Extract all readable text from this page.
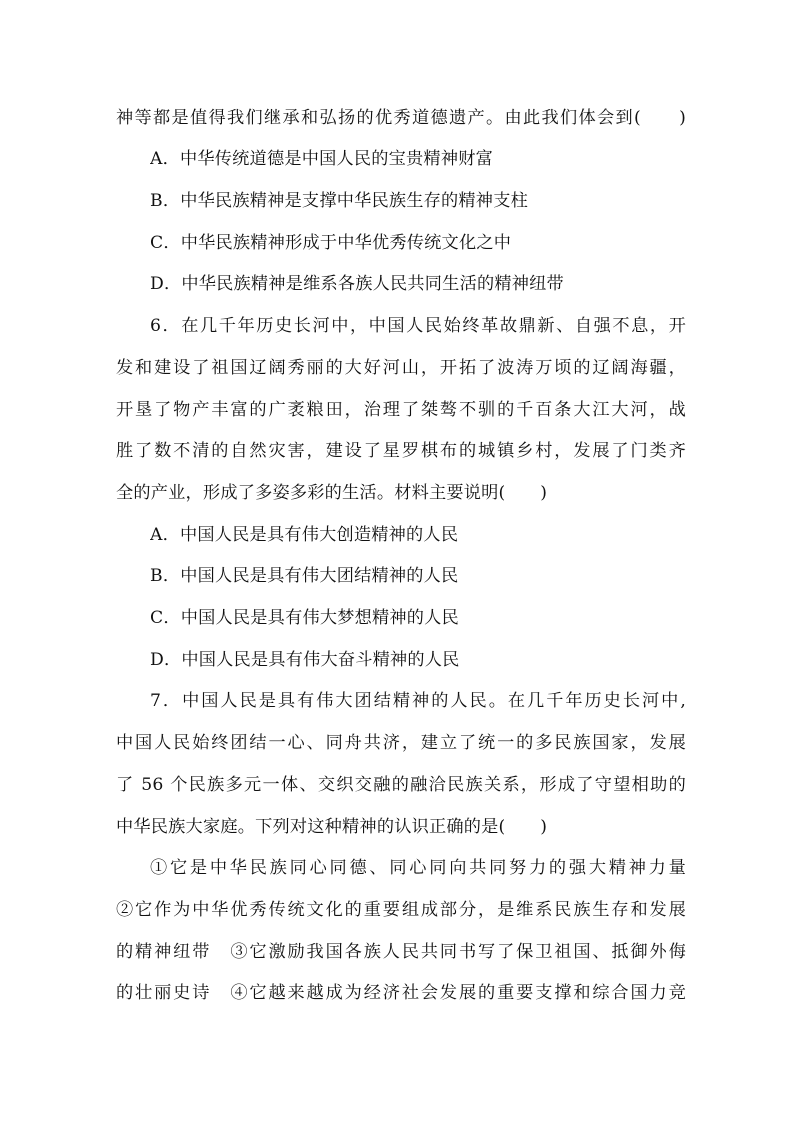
神等都是值得我们继承和弘扬的优秀道德遗产。由此我们体会到(　　)
A．中华传统道德是中国人民的宝贵精神财富
B．中华民族精神是支撑中华民族生存的精神支柱
C．中华民族精神形成于中华优秀传统文化之中
D．中华民族精神是维系各族人民共同生活的精神纽带
6．在几千年历史长河中，中国人民始终革故鼎新、自强不息，开
发和建设了祖国辽阔秀丽的大好河山，开拓了波涛万顷的辽阔海疆，
开垦了物产丰富的广袤粮田，治理了桀骜不驯的千百条大江大河，战
胜了数不清的自然灾害，建设了星罗棋布的城镇乡村，发展了门类齐
全的产业，形成了多姿多彩的生活。材料主要说明(　　)
A．中国人民是具有伟大创造精神的人民
B．中国人民是具有伟大团结精神的人民
C．中国人民是具有伟大梦想精神的人民
D．中国人民是具有伟大奋斗精神的人民
7．中国人民是具有伟大团结精神的人民。在几千年历史长河中,
中国人民始终团结一心、同舟共济，建立了统一的多民族国家，发展
了 56 个民族多元一体、交织交融的融洽民族关系，形成了守望相助的
中华民族大家庭。下列对这种精神的认识正确的是(　　)
①它是中华民族同心同德、同心同向共同努力的强大精神力量
②它作为中华优秀传统文化的重要组成部分，是维系民族生存和发展
的精神纽带　③它激励我国各族人民共同书写了保卫祖国、抵御外侮
的壮丽史诗　④它越来越成为经济社会发展的重要支撑和综合国力竞
